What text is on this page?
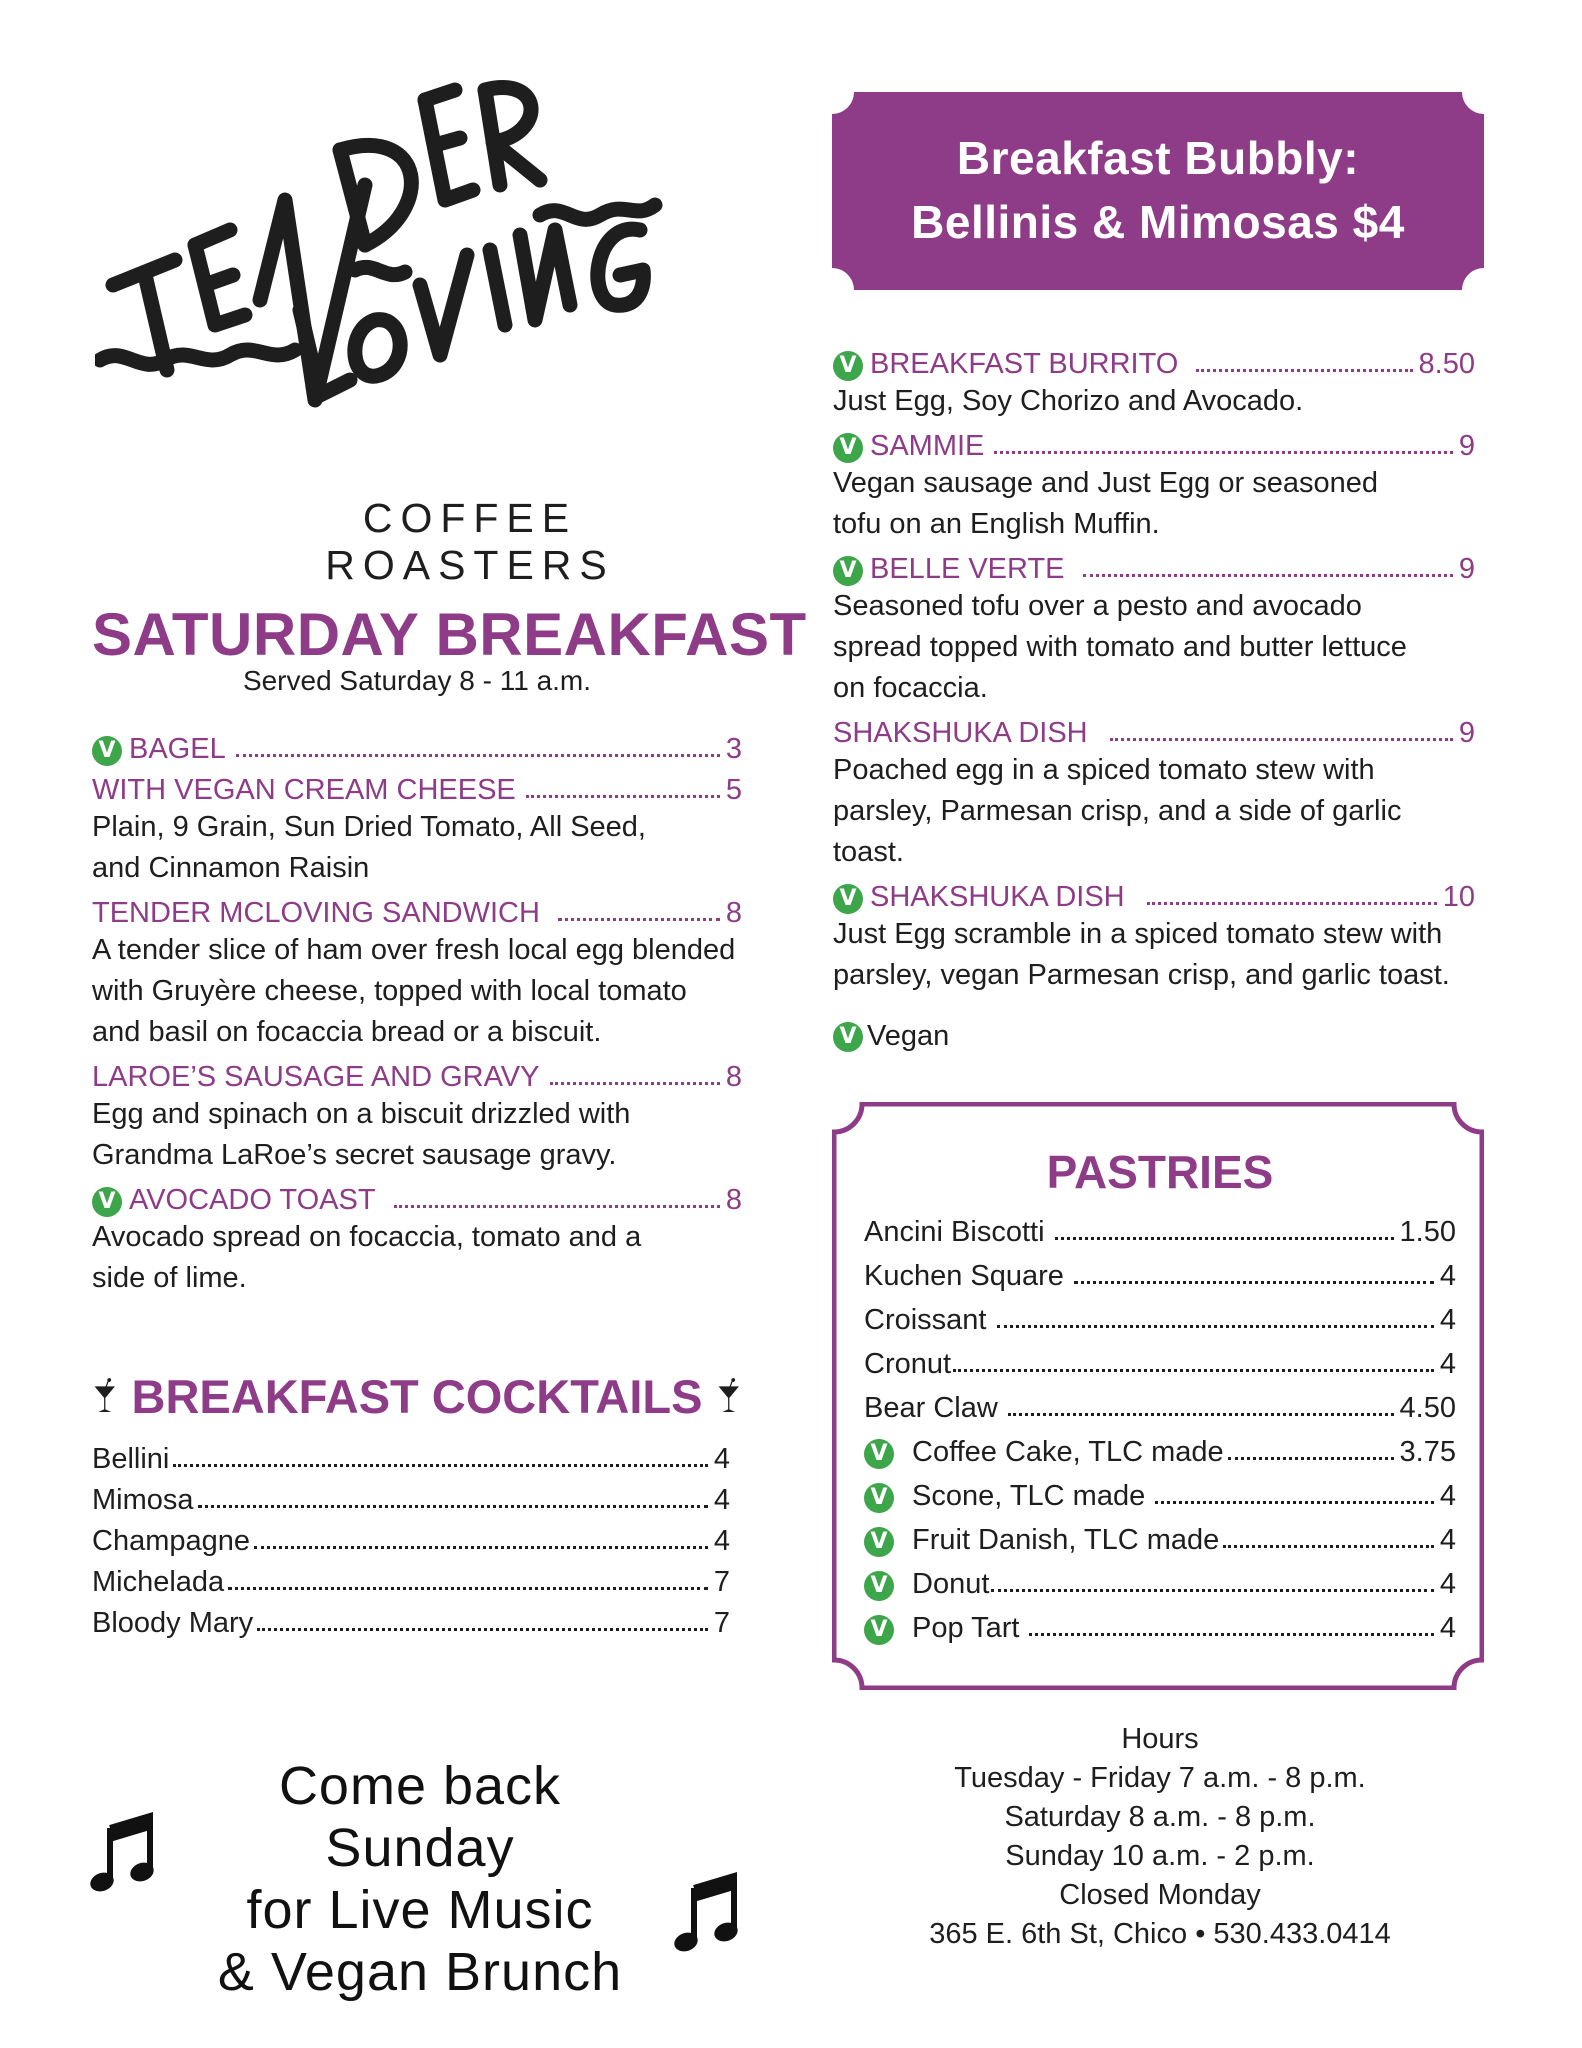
COFFEE ROASTERS
SATURDAY BREAKFAST
Served Saturday 8 - 11 a.m.
V BAGEL	3
WITH VEGAN CREAM CHEESE	5
Plain, 9 Grain, Sun Dried Tomato, All Seed, and Cinnamon Raisin
TENDER MCLOVING SANDWICH	8
A tender slice of ham over fresh local egg blended with Gruyère cheese, topped with local tomato and basil on focaccia bread or a biscuit.
LAROE’S SAUSAGE AND GRAVY	8
Egg and spinach on a biscuit drizzled with Grandma LaRoe’s secret sausage gravy.
V AVOCADO TOAST	8
Avocado spread on focaccia, tomato and a side of lime.
BREAKFAST COCKTAILS
Bellini	4
Mimosa	4
Champagne	4
Michelada	7
Bloody Mary	7
Come back Sunday
for Live Music
& Vegan Brunch
Breakfast Bubbly:
Bellinis & Mimosas $4
V BREAKFAST BURRITO	8.50
Just Egg, Soy Chorizo and Avocado.
V SAMMIE	9
Vegan sausage and Just Egg or seasoned tofu on an English Muffin.
V BELLE VERTE	9
Seasoned tofu over a pesto and avocado spread topped with tomato and butter lettuce on focaccia.
SHAKSHUKA DISH	9
Poached egg in a spiced tomato stew with parsley, Parmesan crisp, and a side of garlic toast.
V SHAKSHUKA DISH	10
Just Egg scramble in a spiced tomato stew with parsley, vegan Parmesan crisp, and garlic toast.
V Vegan
PASTRIES
Ancini Biscotti	1.50
Kuchen Square	4
Croissant	4
Cronut	4
Bear Claw	4.50
V Coffee Cake, TLC made	3.75
V Scone, TLC made	4
V Fruit Danish, TLC made	4
V Donut	4
V Pop Tart	4
Hours
Tuesday - Friday 7 a.m. - 8 p.m.
Saturday 8 a.m. - 8 p.m.
Sunday 10 a.m. - 2 p.m.
Closed Monday
365 E. 6th St, Chico • 530.433.0414
